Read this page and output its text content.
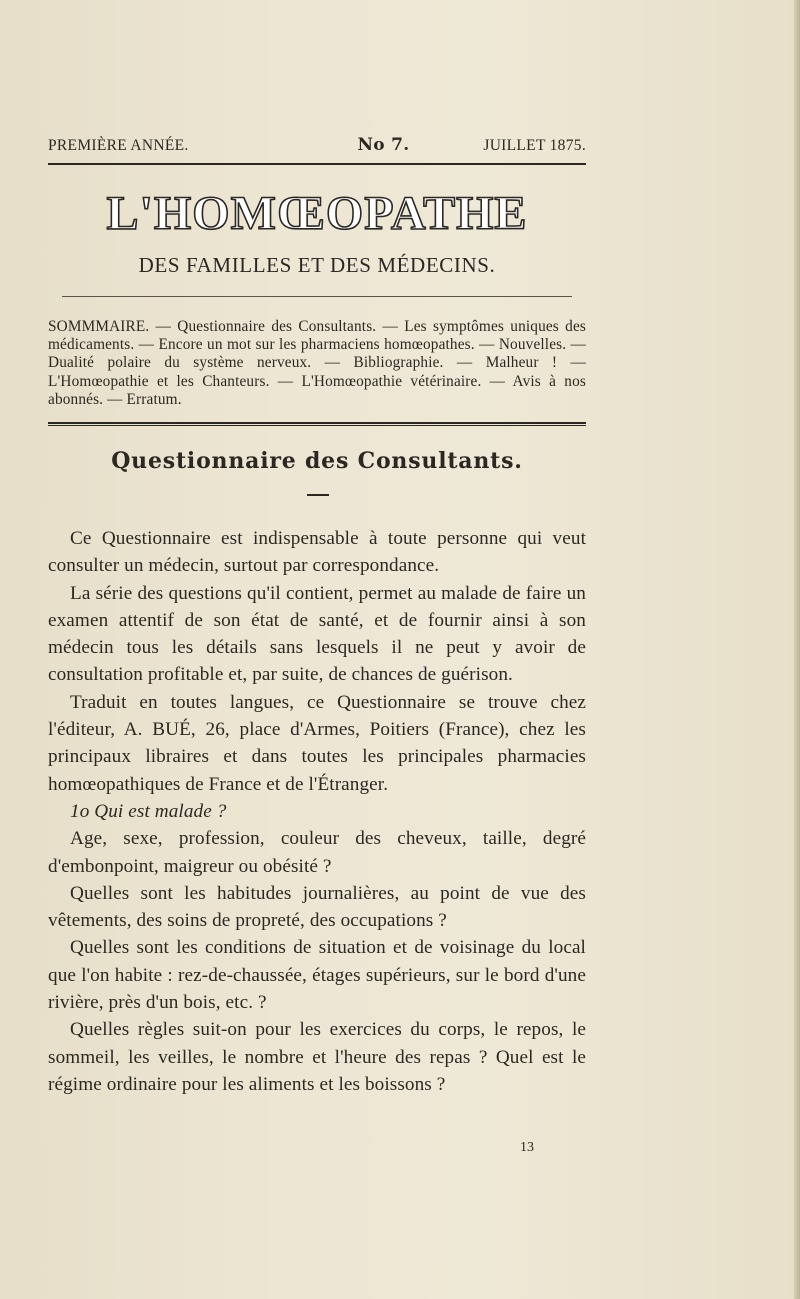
PREMIÈRE ANNÉE.	No 7.	JUILLET 1875.
L'HOMŒOPATHE
DES FAMILLES ET DES MÉDECINS.
SOMMMAIRE. — Questionnaire des Consultants. — Les symptômes uniques des médicaments. — Encore un mot sur les pharmaciens homœopathes. — Nouvelles. — Dualité polaire du système nerveux. — Bibliographie. — Malheur ! — L'Homœopathie et les Chanteurs. — L'Homœopathie vétérinaire. — Avis à nos abonnés. — Erratum.
Questionnaire des Consultants.

Ce Questionnaire est indispensable à toute personne qui veut consulter un médecin, surtout par correspondance.

La série des questions qu'il contient, permet au malade de faire un examen attentif de son état de santé, et de fournir ainsi à son médecin tous les détails sans lesquels il ne peut y avoir de consultation profitable et, par suite, de chances de guérison.

Traduit en toutes langues, ce Questionnaire se trouve chez l'éditeur, A. BUÉ, 26, place d'Armes, Poitiers (France), chez les principaux libraires et dans toutes les principales pharmacies homœopathiques de France et de l'Étranger.

1o Qui est malade ?

Age, sexe, profession, couleur des cheveux, taille, degré d'embonpoint, maigreur ou obésité ?

Quelles sont les habitudes journalières, au point de vue des vêtements, des soins de propreté, des occupations ?

Quelles sont les conditions de situation et de voisinage du local que l'on habite : rez-de-chaussée, étages supérieurs, sur le bord d'une rivière, près d'un bois, etc. ?

Quelles règles suit-on pour les exercices du corps, le repos, le sommeil, les veilles, le nombre et l'heure des repas ? Quel est le régime ordinaire pour les aliments et les boissons ?

13
